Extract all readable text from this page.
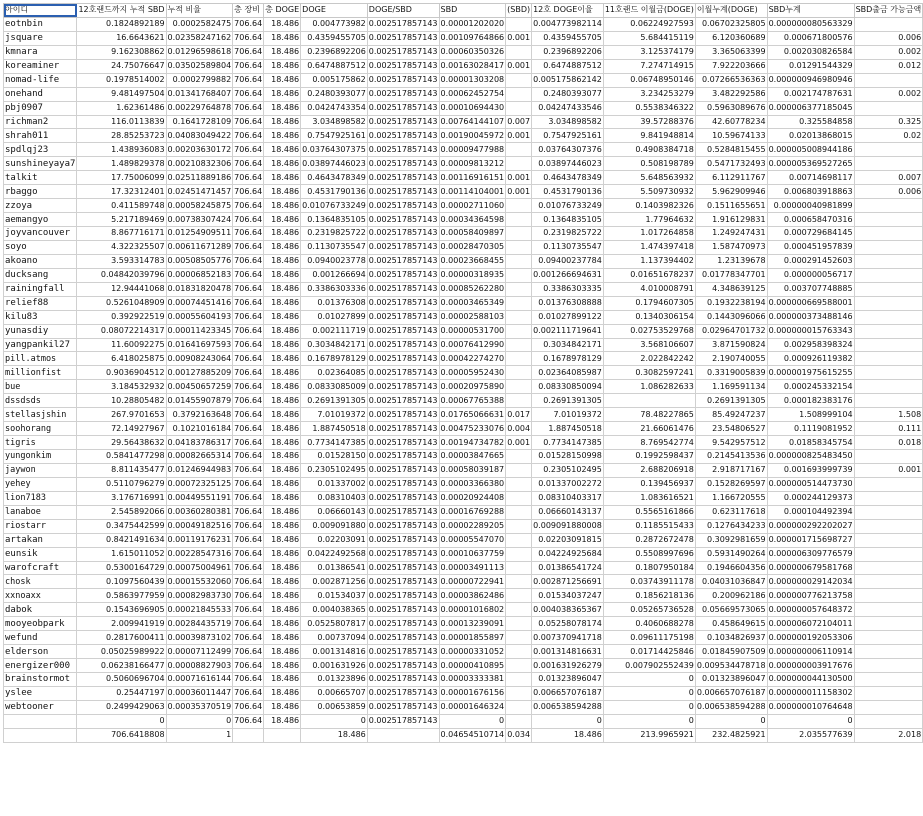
아이디	12호랜드까지 누적 SBD	누적 비율	총 장비	총 DOGE	DOGE	DOGE/SBD	SBD	(SBD)	12호 DOGE이율	11호랜드 이월금(DOGE)	이월누계(DOGE)	SBD누계	SBD출금 가능금액
eotnbin	0.1824892189	0.0002582475	706.64	18.486	0.004773982	0.002517857143	0.00001202020		0.004773982114	0.06224927593	0.06702325805	0.000000080563329	
jsquare	16.6643621	0.02358247162	706.64	18.486	0.4359455705	0.002517857143	0.00109764866	0.001	0.4359455705	5.684415119	6.120360689	0.000671800576	0.006
kmnara	9.162308862	0.01296598618	706.64	18.486	0.2396892206	0.002517857143	0.00060350326		0.2396892206	3.125374179	3.365063399	0.002030826584	0.002
koreaminer	24.75076647	0.03502589804	706.64	18.486	0.6474887512	0.002517857143	0.00163028417	0.001	0.6474887512	7.274714915	7.922203666	0.01291544329	0.012
nomad-life	0.1978514002	0.0002799882	706.64	18.486	0.005175862	0.002517857143	0.00001303208		0.005175862142	0.06748950146	0.07266536363	0.000000946980946	
onehand	9.481497504	0.01341768407	706.64	18.486	0.2480393077	0.002517857143	0.00062452754		0.2480393077	3.234253279	3.482292586	0.002174787631	0.002
pbj0907	1.62361486	0.00229764878	706.64	18.486	0.0424743354	0.002517857143	0.00010694430		0.04247433546	0.5538346322	0.5963089676	0.000006377185045	
richman2	116.0113839	0.1641728109	706.64	18.486	3.034898582	0.002517857143	0.00764144107	0.007	3.034898582	39.57288376	42.60778234	0.325584858	0.325
shrah011	28.85253723	0.04083049422	706.64	18.486	0.7547925161	0.002517857143	0.00190045972	0.001	0.7547925161	9.841948814	10.59674133	0.02013868015	0.02
spdlqj23	1.438936083	0.00203630172	706.64	18.486	0.03764307375	0.002517857143	0.00009477988		0.03764307376	0.4908384718	0.5284815455	0.000005008944186	
sunshineyaya7	1.489829378	0.00210832306	706.64	18.486	0.03897446023	0.002517857143	0.00009813212		0.03897446023	0.508198789	0.5471732493	0.000005369527265	
talkit	17.75006099	0.02511889186	706.64	18.486	0.4643478349	0.002517857143	0.00116916151	0.001	0.4643478349	5.648563932	6.112911767	0.00714698117	0.007
rbaggo	17.32312401	0.02451471457	706.64	18.486	0.4531790136	0.002517857143	0.00114104001	0.001	0.4531790136	5.509730932	5.962909946	0.006803918863	0.006
zzoya	0.411589748	0.00058245875	706.64	18.486	0.01076733249	0.002517857143	0.00002711060		0.01076733249	0.1403982326	0.1511655651	0.00000040981899	
aemangyo	5.217189469	0.00738307424	706.64	18.486	0.1364835105	0.002517857143	0.00034364598		0.1364835105	1.77964632	1.916129831	0.000658470316	
joyvancouver	8.867716171	0.01254909511	706.64	18.486	0.2319825722	0.002517857143	0.00058409897		0.2319825722	1.017264858	1.249247431	0.000729684145	
soyo	4.322325507	0.00611671289	706.64	18.486	0.1130735547	0.002517857143	0.00028470305		0.1130735547	1.474397418	1.587470973	0.000451957839	
akoano	3.593314783	0.00508505776	706.64	18.486	0.0940023778	0.002517857143	0.00023668455		0.09400237784	1.137394402	1.23139678	0.000291452603	
ducksang	0.04842039796	0.00006852183	706.64	18.486	0.001266694	0.002517857143	0.00000318935		0.001266694631	0.01651678237	0.01778347701	0.000000056717	
rainingfall	12.94441068	0.01831820478	706.64	18.486	0.3386303336	0.002517857143	0.00085262280		0.3386303335	4.010008791	4.348639125	0.003707748885	
relief88	0.5261048909	0.00074451416	706.64	18.486	0.01376308	0.002517857143	0.00003465349		0.01376308888	0.1794607305	0.1932238194	0.000000669588001	
kilu83	0.392922519	0.00055604193	706.64	18.486	0.01027899	0.002517857143	0.00002588103		0.01027899122	0.1340306154	0.1443096066	0.000000373488146	
yunasdiy	0.08072214317	0.00011423345	706.64	18.486	0.002111719	0.002517857143	0.00000531700		0.002111719641	0.02753529768	0.02964701732	0.000000015763343	
yangpankil27	11.60092275	0.01641697593	706.64	18.486	0.3034842171	0.002517857143	0.00076412990		0.3034842171	3.568106607	3.871590824	0.002958398324	
pill.atmos	6.418025875	0.00908243064	706.64	18.486	0.1678978129	0.002517857143	0.00042274270		0.1678978129	2.022842242	2.190740055	0.000926119382	
millionfist	0.9036904512	0.00127885209	706.64	18.486	0.02364085	0.002517857143	0.00005952430		0.02364085987	0.3082597241	0.3319005839	0.000001975615255	
bue	3.184532932	0.00450657259	706.64	18.486	0.0833085009	0.002517857143	0.00020975890		0.08330850094	1.086282633	1.169591134	0.000245332154	
dssdsds	10.28805482	0.01455907879	706.64	18.486	0.2691391305	0.002517857143	0.00067765388		0.2691391305		0.2691391305	0.000182383176	
stellasjshin	267.9701653	0.3792163648	706.64	18.486	7.01019372	0.002517857143	0.01765066631	0.017	7.01019372	78.48227865	85.49247237	1.508999104	1.508
soohorang	72.14927967	0.1021016184	706.64	18.486	1.887450518	0.002517857143	0.00475233076	0.004	1.887450518	21.66061476	23.54806527	0.1119081952	0.111
tigris	29.56438632	0.04183786317	706.64	18.486	0.7734147385	0.002517857143	0.00194734782	0.001	0.7734147385	8.769542774	9.542957512	0.01858345754	0.018
yungonkim	0.5841477298	0.00082665314	706.64	18.486	0.01528150	0.002517857143	0.00003847665		0.01528150998	0.1992598437	0.2145413536	0.000000825483450	
jaywon	8.811435477	0.01246944983	706.64	18.486	0.2305102495	0.002517857143	0.00058039187		0.2305102495	2.688206918	2.918717167	0.001693999739	0.001
yehey	0.5110796279	0.00072325125	706.64	18.486	0.01337002	0.002517857143	0.00003366380		0.01337002272	0.139456937	0.1528269597	0.000000514473730	
lion7183	3.176716991	0.00449551191	706.64	18.486	0.08310403	0.002517857143	0.00020924408		0.08310403317	1.083616521	1.166720555	0.000244129373	
lanaboe	2.545892066	0.00360280381	706.64	18.486	0.06660143	0.002517857143	0.00016769288		0.06660143137	0.5565161866	0.623117618	0.000104492394	
riostarr	0.3475442599	0.00049182516	706.64	18.486	0.009091880	0.002517857143	0.00002289205		0.009091880008	0.1185515433	0.1276434233	0.000000292202027	
artakan	0.8421491634	0.00119176231	706.64	18.486	0.02203091	0.002517857143	0.00005547070		0.02203091815	0.2872672478	0.3092981659	0.000001715698727	
eunsik	1.615011052	0.00228547316	706.64	18.486	0.0422492568	0.002517857143	0.00010637759		0.04224925684	0.5508997696	0.5931490264	0.000006309776579	
warofcraft	0.5300164729	0.00075004961	706.64	18.486	0.01386541	0.002517857143	0.00003491113		0.01386541724	0.1807950184	0.1946604356	0.000000679581768	
chosk	0.1097560439	0.00015532060	706.64	18.486	0.002871256	0.002517857143	0.00000722941		0.002871256691	0.03743911178	0.04031036847	0.000000029142034	
xxnoaxx	0.5863977959	0.00082983730	706.64	18.486	0.01534037	0.002517857143	0.00003862486		0.01534037247	0.1856218136	0.200962186	0.000000776213758	
dabok	0.1543696905	0.00021845533	706.64	18.486	0.004038365	0.002517857143	0.00001016802		0.004038365367	0.05265736528	0.05669573065	0.000000057648372	
mooyeobpark	2.009941919	0.00284435719	706.64	18.486	0.0525807817	0.002517857143	0.00013239091		0.05258078174	0.4060688278	0.458649615	0.000006072104011	
wefund	0.2817600411	0.00039873102	706.64	18.486	0.00737094	0.002517857143	0.00001855897		0.007370941718	0.09611175198	0.1034826937	0.000000192053306	
elderson	0.05025989922	0.00007112499	706.64	18.486	0.001314816	0.002517857143	0.00000331052		0.001314816631	0.01714425846	0.01845907509	0.000000006110914	
energizer000	0.06238166477	0.00008827903	706.64	18.486	0.001631926	0.002517857143	0.00000410895		0.001631926279	0.007902552439	0.009534478718	0.000000003917676	
brainstormot	0.5060696704	0.00071616144	706.64	18.486	0.01323896	0.002517857143	0.00003333381		0.01323896047	0	0.01323896047	0.000000044130500	
yslee	0.25447197	0.00036011447	706.64	18.486	0.00665707	0.002517857143	0.00001676156		0.006657076187	0	0.006657076187	0.000000011158302	
webtooner	0.2499429063	0.00035370519	706.64	18.486	0.00653859	0.002517857143	0.00001646324		0.006538594288	0	0.006538594288	0.000000010764648	
	0	0	706.64	18.486	0	0.002517857143	0		0	0	0	0	
	706.6418808	1			18.486		0.04654510714	0.034	18.486	213.9965921	232.4825921	2.035577639	2.018
